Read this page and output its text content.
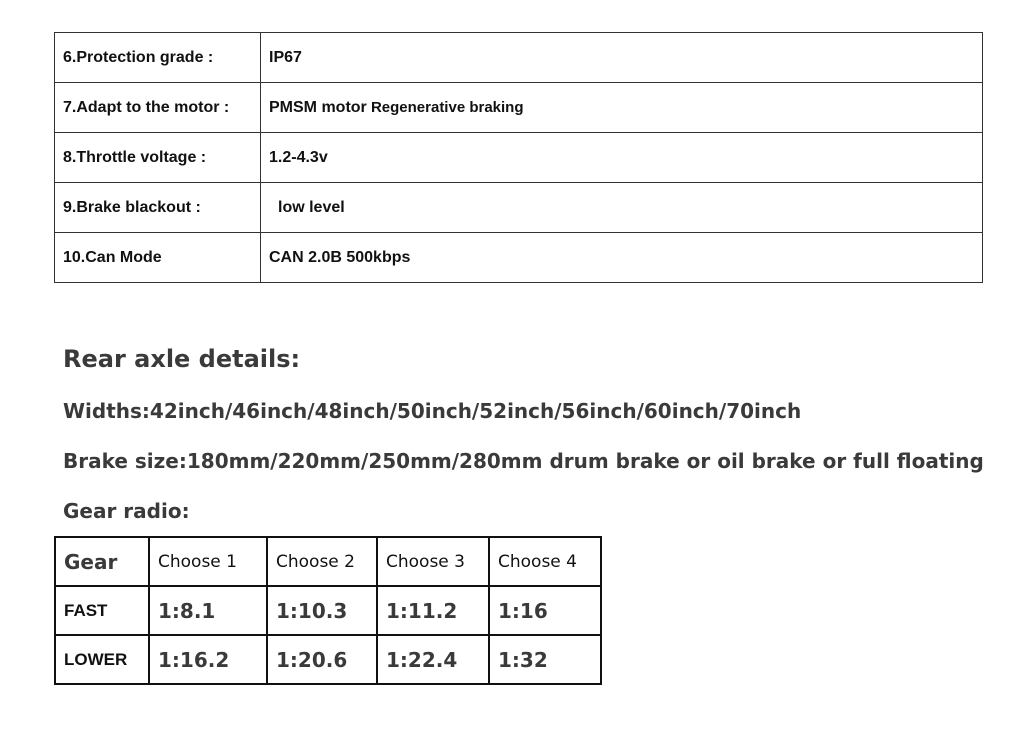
6.Protection grade :	IP67
7.Adapt to the motor :	PMSM motor Regenerative braking
8.Throttle voltage :	1.2-4.3v
9.Brake blackout :	low level
10.Can Mode	CAN 2.0B 500kbps
Rear axle details:
Widths:42inch/46inch/48inch/50inch/52inch/56inch/60inch/70inch
Brake size:180mm/220mm/250mm/280mm drum brake or oil brake or full floating
Gear radio:
Gear	Choose 1	Choose 2	Choose 3	Choose 4
FAST	1:8.1	1:10.3	1:11.2	1:16
LOWER	1:16.2	1:20.6	1:22.4	1:32
